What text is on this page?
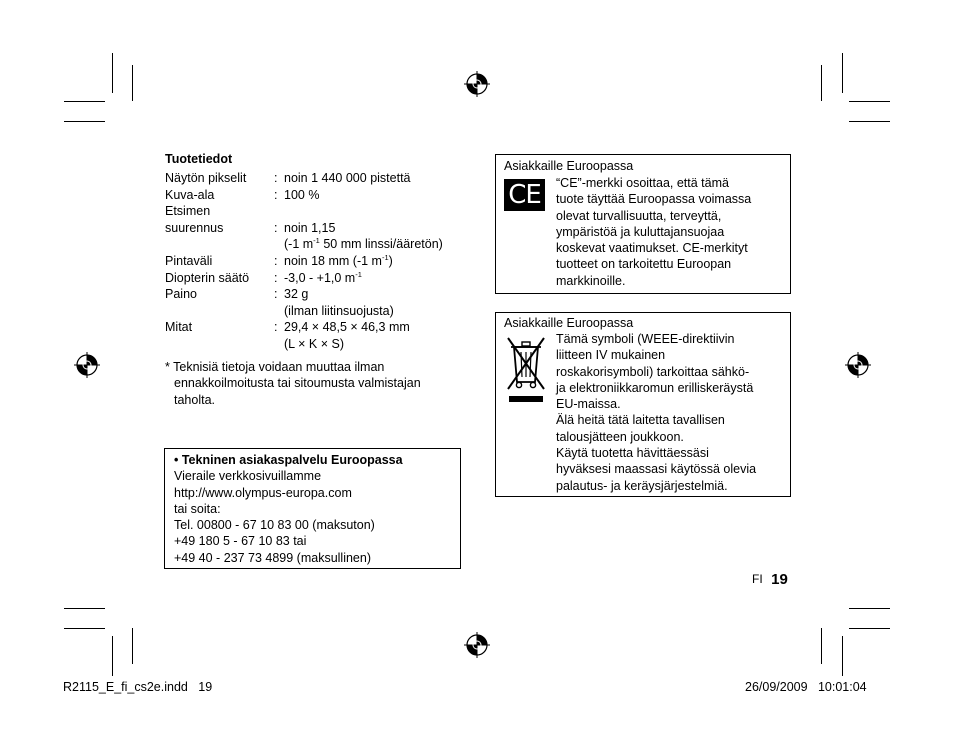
Tuotetiedot
Näytön pikselit : noin 1 440 000 pistettä
Kuva-ala	: 100 %
Etsimen
suurennus	: noin 1,15
(-1 $m^{-1}$ 50 mm linssi/ääretön)
Pintaväli	: noin 18 mm (-1 $m^{-1}$)
Diopterin säätö : -3,0 - +1,0 $m^{-1}$
Paino	: 32 g
(ilman liitinsuojusta)
Mitat	: 29,4 × 48,5 × 46,3 mm
(L × K × S)
* Teknisiä tietoja voidaan muuttaa ilman
ennakkoilmoitusta tai sitoumusta valmistajan
taholta.
• Tekninen asiakaspalvelu Euroopassa
Vieraile verkkosivuillamme
http://www.olympus-europa.com
tai soita:
Tel. 00800 - 67 10 83 00 (maksuton)
+49 180 5 - 67 10 83 tai
+49 40 - 237 73 4899 (maksullinen)
Asiakkaille Euroopassa
CE	“CE”-merkki osoittaa, että tämä
tuote täyttää Euroopassa voimassa
olevat turvallisuutta, terveyttä,
ympäristöä ja kuluttajansuojaa
koskevat vaatimukset. CE-merkityt
tuotteet on tarkoitettu Euroopan
markkinoille.
Asiakkaille Euroopassa
Tämä symboli (WEEE-direktiivin
liitteen IV mukainen
roskakorisymboli) tarkoittaa sähkö-
ja elektroniikkaromun erilliskeräystä
EU-maissa.
Älä heitä tätä laitetta tavallisen
talousjätteen joukkoon.
Käytä tuotetta hävittäessäsi
hyväksesi maassasi käytössä olevia
palautus- ja keräysjärjestelmiä.
FI 19
R2115_E_fi_cs2e.indd   19	26/09/2009   10:01:04
